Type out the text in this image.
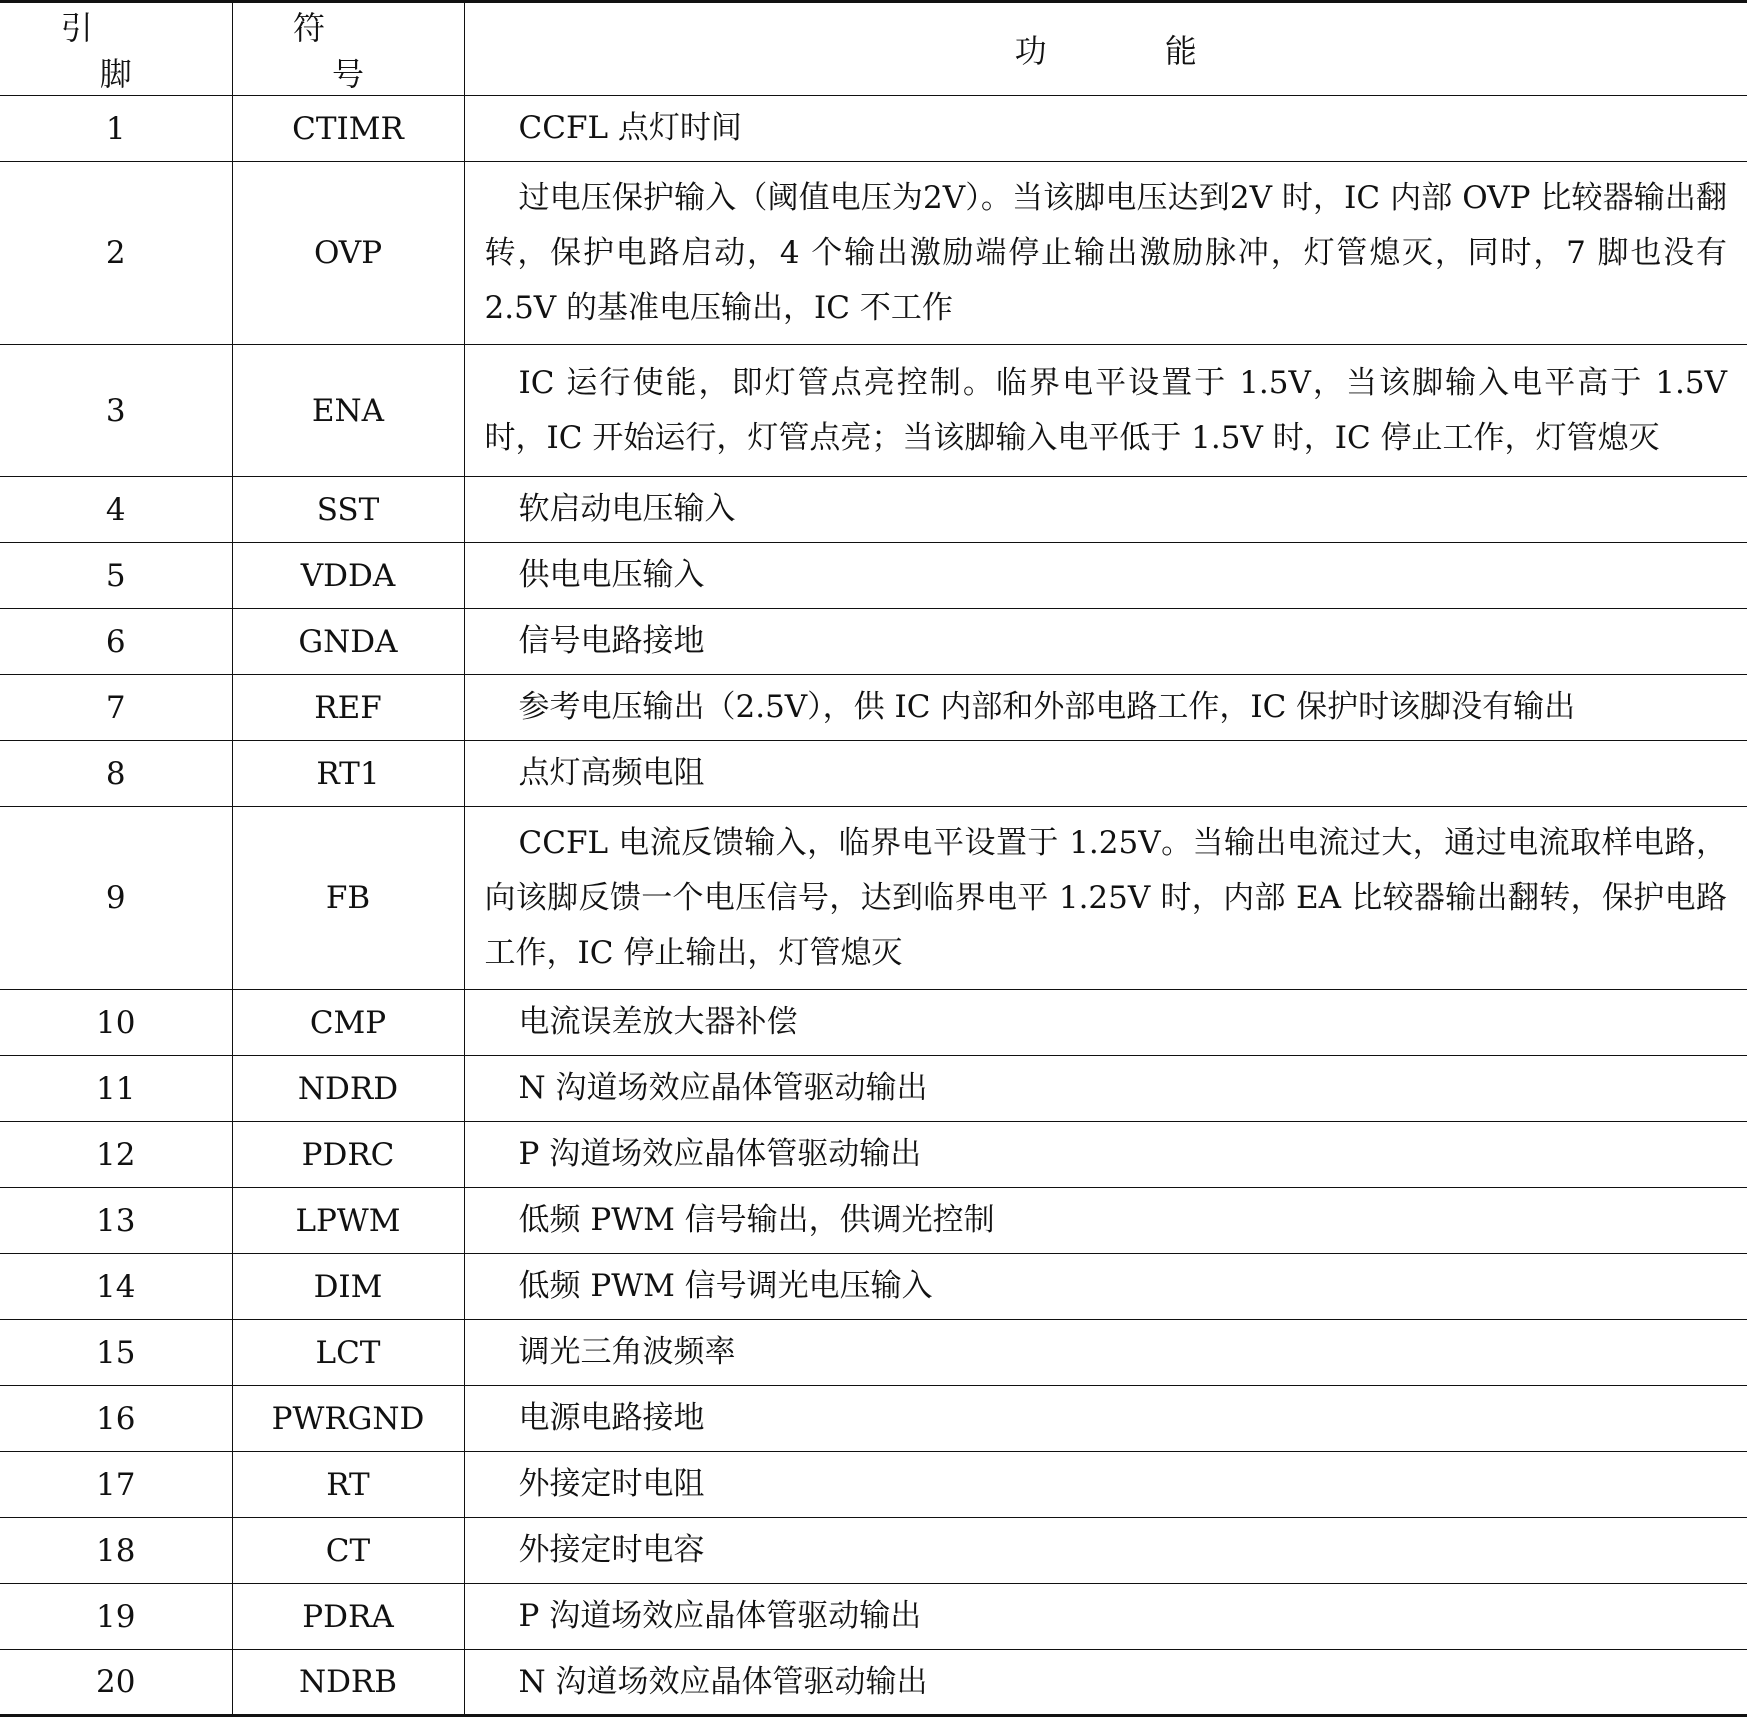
引 脚	符 号	功 能
1	CTIMR	CCFL 点灯时间

2	OVP	过电压保护输入（阈值电压为2V）。当该脚电压达到2V 时，IC 内部 OVP 比较器输出翻转，保护电路启动，4 个输出激励端停止输出激励脉冲，灯管熄灭，同时，7 脚也没有 2.5V 的基准电压输出，IC 不工作

3	ENA	IC 运行使能，即灯管点亮控制。临界电平设置于 1.5V，当该脚输入电平高于 1.5V 时，IC 开始运行，灯管点亮；当该脚输入电平低于 1.5V 时，IC 停止工作，灯管熄灭

4	SST	软启动电压输入

5	VDDA	供电电压输入

6	GNDA	信号电路接地

7	REF	参考电压输出（2.5V），供 IC 内部和外部电路工作，IC 保护时该脚没有输出

8	RT1	点灯高频电阻

9	FB	CCFL 电流反馈输入，临界电平设置于 1.25V。当输出电流过大，通过电流取样电路，向该脚反馈一个电压信号，达到临界电平 1.25V 时，内部 EA 比较器输出翻转，保护电路工作，IC 停止输出，灯管熄灭

10	CMP	电流误差放大器补偿

11	NDRD	N 沟道场效应晶体管驱动输出

12	PDRC	P 沟道场效应晶体管驱动输出

13	LPWM	低频 PWM 信号输出，供调光控制

14	DIM	低频 PWM 信号调光电压输入

15	LCT	调光三角波频率

16	PWRGND	电源电路接地

17	RT	外接定时电阻

18	CT	外接定时电容

19	PDRA	P 沟道场效应晶体管驱动输出

20	NDRB	N 沟道场效应晶体管驱动输出
